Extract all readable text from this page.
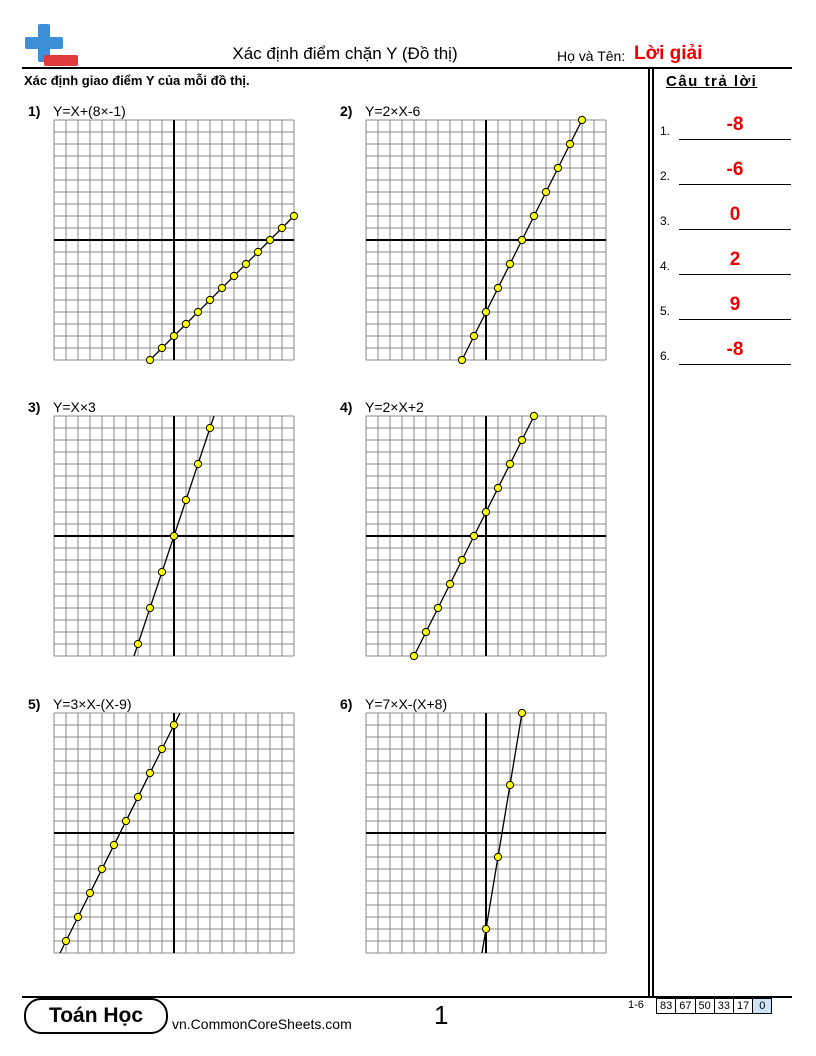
Xác định điểm chặn Y (Đồ thị)	Họ và Tên: Lời giải
Xác định giao điểm Y của mỗi đồ thị.	Câu trả lời
1.	-8
2.	-6
3.	0
4.	2
5.	9
6.	-8
1) Y=X+(8×-1)	2) Y=2×X-6
3) Y=X×3	4) Y=2×X+2
5) Y=3×X-(X-9)	6) Y=7×X-(X+8)
Toán Học	vn.CommonCoreSheets.com	1	1-6 83	67	50	33	17	0
